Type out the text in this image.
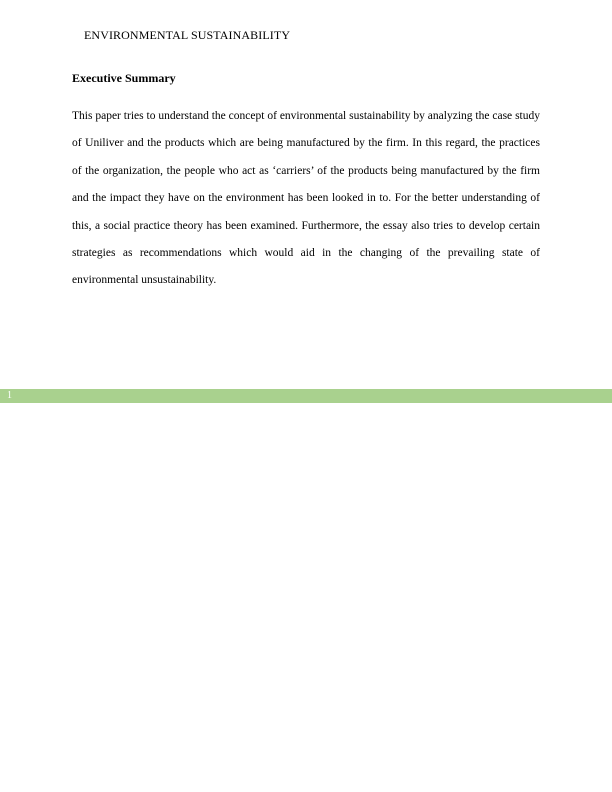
ENVIRONMENTAL SUSTAINABILITY
Executive Summary

This paper tries to understand the concept of environmental sustainability by analyzing the case study of Uniliver and the products which are being manufactured by the firm. In this regard, the practices of the organization, the people who act as ‘carriers’ of the products being manufactured by the firm and the impact they have on the environment has been looked in to. For the better understanding of this, a social practice theory has been examined. Furthermore, the essay also tries to develop certain strategies as recommendations which would aid in the changing of the prevailing state of environmental unsustainability.

1
